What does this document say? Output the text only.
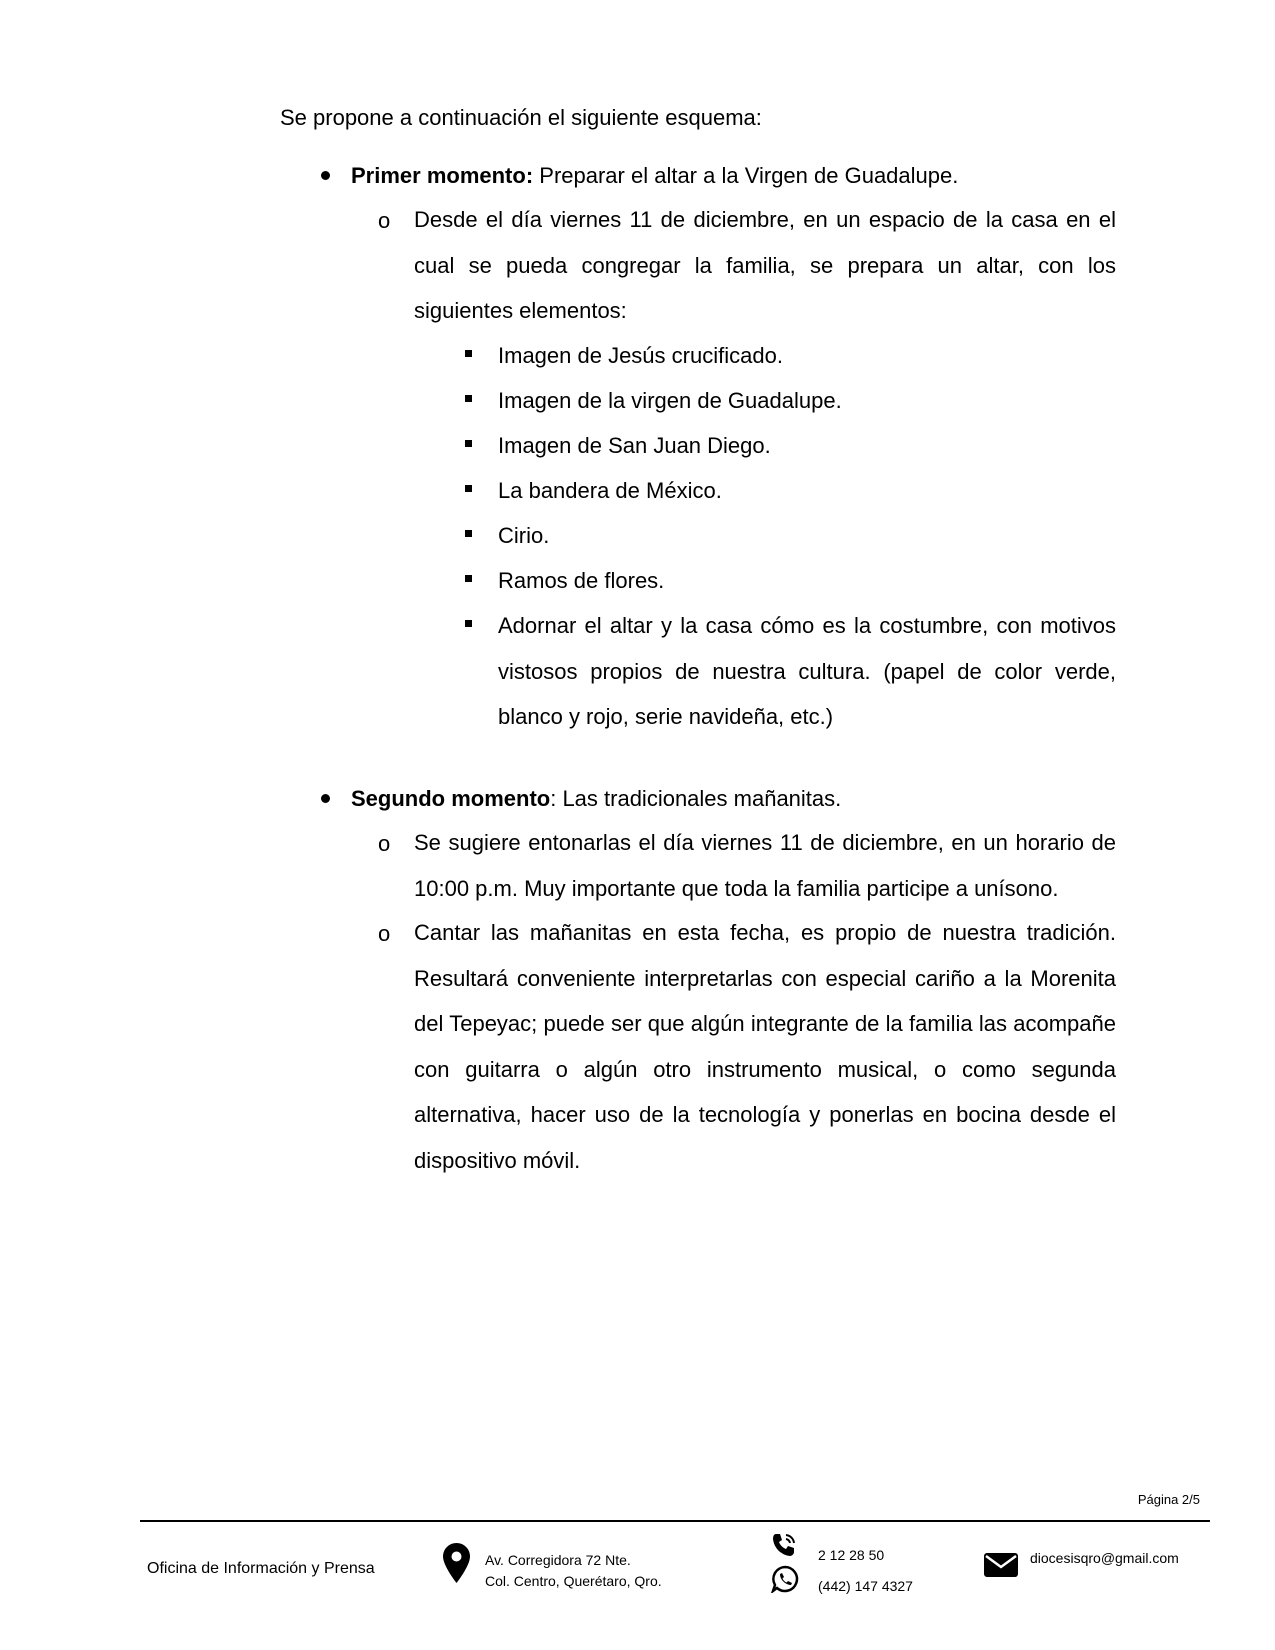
Se propone a continuación el siguiente esquema:
Primer momento: Preparar el altar a la Virgen de Guadalupe.
o Desde el día viernes 11 de diciembre, en un espacio de la casa en el cual se pueda congregar la familia, se prepara un altar, con los siguientes elementos:
Imagen de Jesús crucificado.
Imagen de la virgen de Guadalupe.
Imagen de San Juan Diego.
La bandera de México.
Cirio.
Ramos de flores.
Adornar el altar y la casa cómo es la costumbre, con motivos vistosos propios de nuestra cultura. (papel de color verde, blanco y rojo, serie navideña, etc.)
Segundo momento: Las tradicionales mañanitas.
o Se sugiere entonarlas el día viernes 11 de diciembre, en un horario de 10:00 p.m. Muy importante que toda la familia participe a unísono.
o Cantar las mañanitas en esta fecha, es propio de nuestra tradición. Resultará conveniente interpretarlas con especial cariño a la Morenita del Tepeyac; puede ser que algún integrante de la familia las acompañe con guitarra o algún otro instrumento musical, o como segunda alternativa, hacer uso de la tecnología y ponerlas en bocina desde el dispositivo móvil.
Página 2/5
Oficina de Información y Prensa	Av. Corregidora 72 Nte.
Col. Centro, Querétaro, Qro.
2 12 28 50
(442) 147 4327
diocesisqro@gmail.com
